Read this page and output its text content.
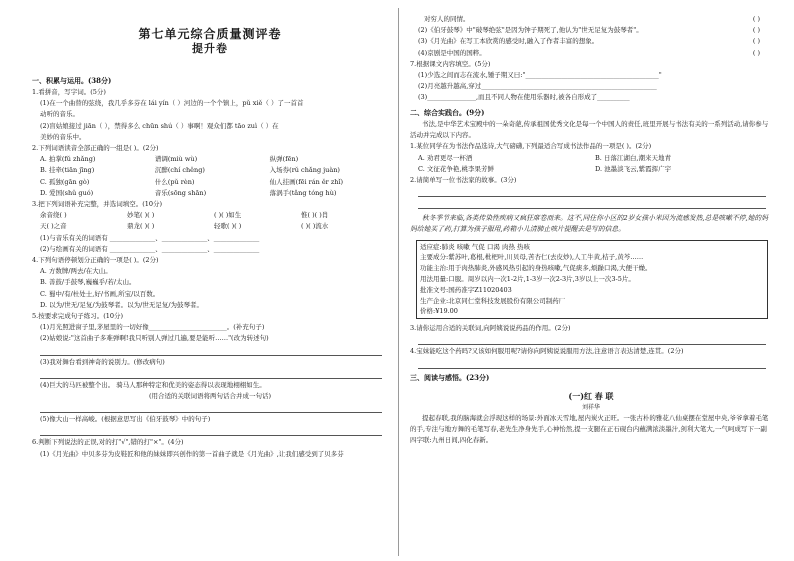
第七单元综合质量测评卷
提升卷
一、积累与运用。(38分)
1.看拼音，写字词。(5分)
(1)在一个曲替的弦绕，我几乎多芬在 lái yín（ ）河边的一个个镇上，pǔ xiě（ ）了一首首
动听的音乐。
(2)盲姑娘接过 jiān（ ），禁得多么 chūn shú（ ）事啊！观众们都 tāo zuì（ ）在
美妙的音乐中。
2.下列词语读音全部正确的一组是( )。(2分)
A. 拍掌(fǔ zhǎng)	谱调(miù wù)	纵弹(fēn)
B. 挂牵(tiān jīng)	沉醉(chí chěng)	入场券(rǔ chǎng juàn)
C. 孤独(gān gò)	什么(pǔ rèn)	仙人挂画(fēi rán ěr zhǐ)
D. 爱国(shǔ guó)	音乐(sōng shān)	落涡手(tǎng tóng hù)
3.把下列词语补充完整，并选词填空。(10分)
余音绕( )	妙笔( )( )	( )( )如生	惟( )( )肖
天( )之音	鼎龙( )( )	轻歌( )( )	( )( )流水
(1)与音乐有关的词语有 ______________、______________、______________
(2)与绘画有关的词语有 ______________、______________、______________
4.下列句语停顿划分正确的一项是( )。(2分)
A. 方数牌/两去/在大山。
B. 善鼓/手鼓琴,巍巍乎/若/太山。
C. 蜀中/有/杜处士,好/书画,所宝/以百数。
D. 以为/世无/足复/为鼓琴者。以为/世无足复/为鼓琴者。
5.按要求完成句子练习。(10分)
(1)月光照进窗子里,茅屋里的一切好像________________________。(补充句子)
(2)姑娘说:"这首曲子多难弹啊!我只听别人弹过几遍,要是能听……"(改为转述句)
(3)我对舞台看到神奇的说别力。(修改病句)
(4)巨大的马匹被整个出。 骑马人那种特定和优美的姿态得以表现地栩栩如生。
(用合适的关联词语将两句话合并成一句话)
(5)像大山一样高峻。(根据意思写出《伯牙鼓琴》中的句子)
6.判断下列说法的正误,对的打"√",错的打"×"。(4分)
(1)《月光曲》中贝多芬为皮鞋匠和他的妹妹即兴创作的第一首曲子就是《月光曲》,让我们感受到了贝多芬
对穷人的同情。	( )
(2)《伯牙鼓琴》中"破琴绝弦"是因为钟子期死了,他认为"世无足复为鼓琴者"。	( )
(3)《月光曲》在写工本欣赏的感受时,融入了作者丰富的想象。	( )
(4)京剧是中国的国粹。	( )
7.根据课文内容填空。(5分)
(1)少选之间而志在流水,锺子期又曰:"_________________________________________"
(2)月亮越升越高,穿过______________________________________________________
(3)_______________,而且不同人物在使用乐器时,被各自形成了__________
二、综合实践台。(9分)
书法,是中华艺术宝殿中的一朵奇葩,传承祖国优秀文化是每一个中国人的责任,班里开展与书法有关的一系列活动,请你参与活动并完成以下内容。
1.某位同学在为书法作品选诗,大气磅礴,下列最适合写成书法作品的一项是( )。(2分)
A. 劝君更尽一杯酒	B. 日落江湖白,潮来天地青
C. 文征花争艳,桃李果芳鲜	D. 池墨淡飞云,紫霞挥广宇
2.请简单写一位书法家的故事。(3分)
秋冬季节来临,各类传染性疾病又疯狂席卷而来。这不,同住你小区的2岁女孩小米因为流感发热,总是咳嗽不停,她的妈妈给她买了药,打算为孩子服用,药箱小儿清肺止咳片提醒去是写的信息。
适应症:肺炎 咳嗽 气促 口渴 肉热 热咳
主要成分:紫苏叶,葛根,枇杷叶,川贝母,苦杏仁(去皮炒),人工牛黄,桔子,黄芩……
功能主治:用于肉热肺炎,外感风热引起的身热咳嗽,气促痰多,烦躁口渴,大便干燥。
用法用量:口服。周岁以内一次1-2片,1-3岁一次2-3片,3岁以上一次3-5片。
批准文号:国药准字Z11020403
生产企业:北京同仁堂科技发展股份有限公司制药厂
价格:¥19.00
3.请你运用合适的关联词,向阿姨说说药品的作用。(2分)
4.宝妹能吃这个药吗?又该如何服用呢?请你向阿姨说说服用方法,注意语言表达清楚,连贯。(2分)
三、阅读与感悟。(23分)
(一)红 春 联
刘祥华
提起春联,我的脑海就会浮现这样的场景:外面冰天雪地,屋内炭火正旺。一张古朴的雅花八仙桌摆在堂屋中央,爷爷拿着毛笔的手,专注与地方舞的毛笔写春,老先生净身先手,心神怡然,提一支腿在正石砚台内蘸满浓淡墨汁,剑利大笔大,一气呵成写下一副四字联:九州日间,四化春新。
